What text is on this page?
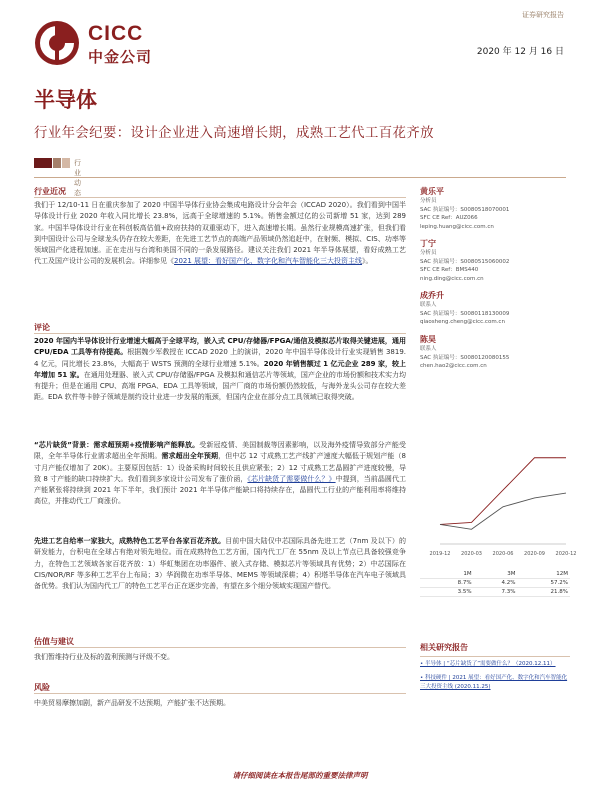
CICC
中金公司
证券研究报告
2020 年 12 月 16 日
半导体
行业年会纪要：设计企业进入高速增长期，成熟工艺代工百花齐放
行业动态
行业近况
我们于 12/10-11 日在重庆参加了 2020 中国半导体行业协会集成电路设计分会年会（ICCAD 2020）。我们看到中国半导体设计行业 2020 年收入同比增长 23.8%，远高于全球增速的 5.1%。销售金额过亿的公司新增 51 家，达到 289 家。中国半导体设计行业在科创板高估值+政府扶持的双重驱动下，进入高速增长期。虽然行业规模高速扩张，但我们看到中国设计公司与全球龙头仍存在较大差距，在先进工艺节点的高端产品领域仍然追赶中，在射频、模拟、CIS、功率等领域国产化进程加速。正在走出与台湾和美国不同的一条发展路径。建议关注我们 2021 年半导体展望，看好成熟工艺代工及国产设计公司的发展机会。详细参见《2021 展望：看好国产化、数字化和汽车智能化三大投资主线》。
评论
2020 年国内半导体设计行业增速大幅高于全球平均，嵌入式 CPU/存储器/FPGA/通信及模拟芯片取得关键进展，通用 CPU/EDA 工具等有待提高。根据魏少军教授在 ICCAD 2020 上的演讲，2020 年中国半导体设计行业实现销售 3819.4 亿元，同比增长 23.8%，大幅高于 WSTS 预测的全球行业增速 5.1%。2020 年销售额过 1 亿元企业 289 家，较上年增加 51 家。在通用处理器、嵌入式 CPU/存储器/FPGA 及模拟和通信芯片等领域，国产企业的市场份额和技术实力均有提升；但是在通用 CPU、高端 FPGA、EDA 工具等领域，国产厂商的市场份额仍然较低，与海外龙头公司存在较大差距。EDA 软件等卡脖子领域是制约设计业进一步发展的瓶颈，但国内企业在部分点工具领域已取得突破。
“芯片缺货”背景：需求超预期+疫情影响产能释放。受新冠疫情、美国制裁等因素影响，以及海外疫情导致部分产能受限，全年半导体行业需求超出全年预期。需求超出全年预期，但中芯 12 寸成熟工艺产线扩产速度大幅低于规划产能（8 寸月产能仅增加了 20K）。主要原因包括：1）设备采购时间较长且供应紧张；2）12 寸成熟工艺晶圆扩产进度较慢，导致 8 寸产能的缺口持续扩大。我们看到多家设计公司发布了涨价函，《芯片缺货了需要做什么？》中提到，当前晶圆代工产能紧张将持续到 2021 年下半年，我们预计 2021 年半导体产能缺口将持续存在，晶圆代工行业的产能利用率将维持高位，并推动代工厂商涨价。
先进工艺自给率一家独大，成熟特色工艺平台各家百花齐放。目前中国大陆仅中芯国际具备先进工艺（7nm 及以下）的研发能力，台积电在全球占有绝对领先地位。而在成熟特色工艺方面，国内代工厂在 55nm 及以上节点已具备较强竞争力，在特色工艺领域各家百花齐放：1）华虹集团在功率器件、嵌入式存储、模拟芯片等领域具有优势；2）中芯国际在 CIS/NOR/RF 等多种工艺平台上布局；3）华润微在功率半导体、MEMS 等领域深耕；4）积塔半导体在汽车电子领域具备优势。我们认为国内代工厂的特色工艺平台正在逐步完善，有望在多个细分领域实现国产替代。
估值与建议
我们暂维持行业及标的盈利预测与评级不变。
风险
中美贸易摩擦加剧，新产品研发不达预期，产能扩张不达预期。
黄乐平
分析员
SAC 执证编号：S0080518070001
SFC CE Ref：AUZ066
leping.huang@cicc.com.cn
丁宁
分析员
SAC 执证编号：S0080515060002
SFC CE Ref：BMS440
ning.ding@cicc.com.cn
成乔升
联系人
SAC 执证编号：S0080118130009
qiaosheng.cheng@cicc.com.cn
陈昊
联系人
SAC 执证编号：S0080120080155
chen.hao2@cicc.com.cn
2019-12 2020-03 2020-06 2020-09 2020-12
	1M	3M	12M
	8.7%	4.2%	57.2%
	3.5%	7.3%	21.8%
相关研究报告
• 半导体 | “芯片缺货了”需要做什么？（2020.12.11）
• 科技硬件 | 2021 展望：看好国产化、数字化和汽车智能化三大投资主线 (2020.11.25)
请仔细阅读在本报告尾部的重要法律声明
